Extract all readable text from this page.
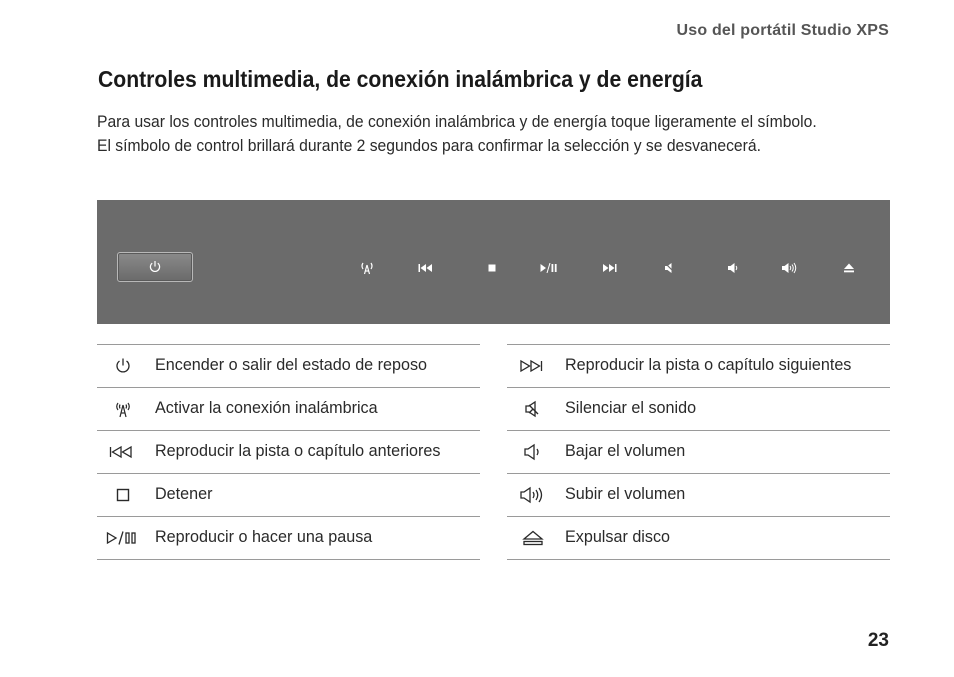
Uso del portátil Studio XPS
Controles multimedia, de conexión inalámbrica y de energía

Para usar los controles multimedia, de conexión inalámbrica y de energía toque ligeramente el símbolo. El símbolo de control brillará durante 2 segundos para confirmar la selección y se desvanecerá.

Encender o salir del estado de reposo
Activar la conexión inalámbrica
Reproducir la pista o capítulo anteriores
Detener
Reproducir o hacer una pausa
Reproducir la pista o capítulo siguientes
Silenciar el sonido
Bajar el volumen
Subir el volumen
Expulsar disco
23
